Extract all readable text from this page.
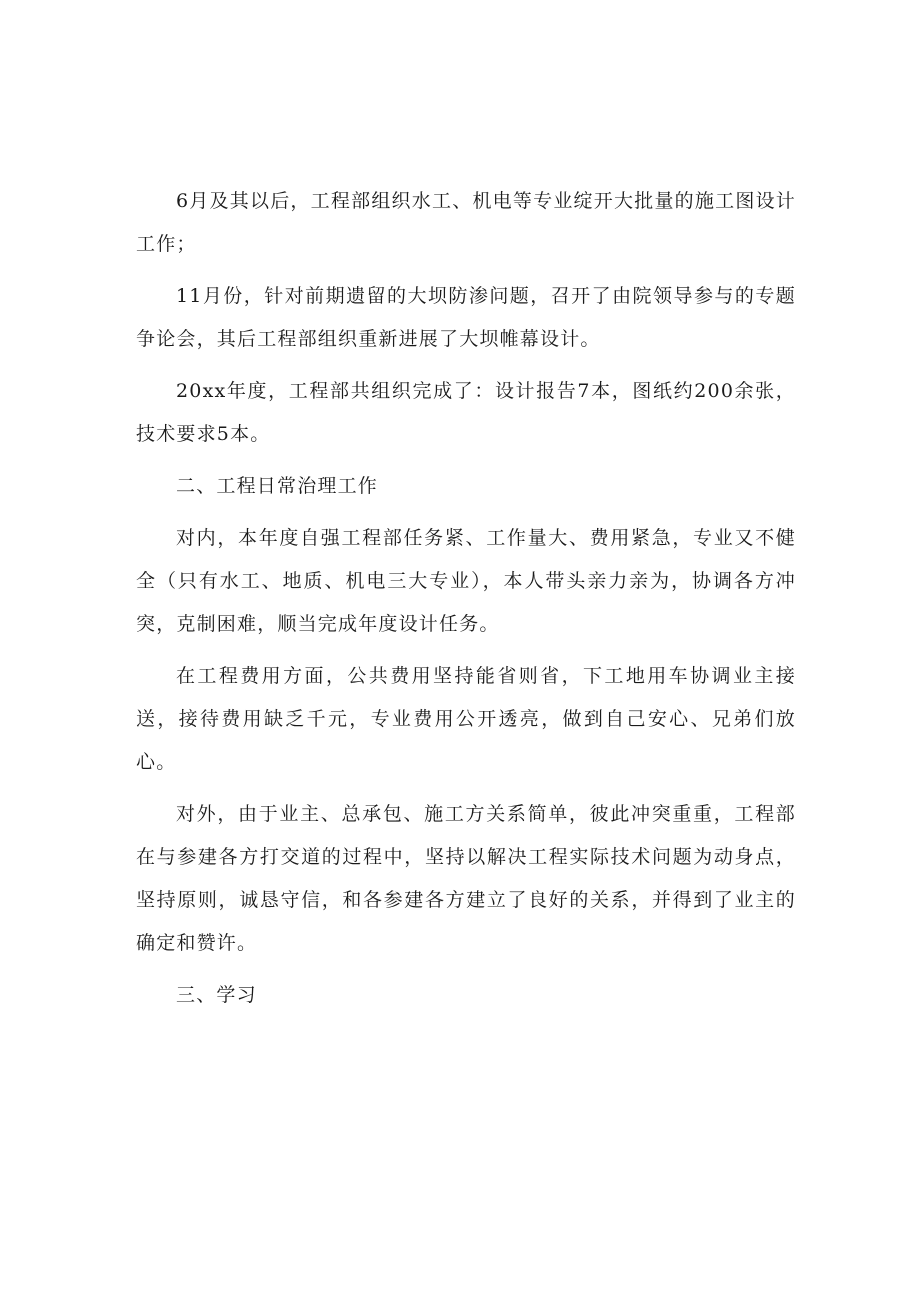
6月及其以后，工程部组织水工、机电等专业绽开大批量的施工图设计工作；

11月份，针对前期遗留的大坝防渗问题，召开了由院领导参与的专题争论会，其后工程部组织重新进展了大坝帷幕设计。

20xx年度，工程部共组织完成了：设计报告7本，图纸约200余张，技术要求5本。

二、工程日常治理工作

对内，本年度自强工程部任务紧、工作量大、费用紧急，专业又不健全（只有水工、地质、机电三大专业），本人带头亲力亲为，协调各方冲突，克制困难，顺当完成年度设计任务。

在工程费用方面，公共费用坚持能省则省，下工地用车协调业主接送，接待费用缺乏千元，专业费用公开透亮，做到自己安心、兄弟们放心。

对外，由于业主、总承包、施工方关系简单，彼此冲突重重，工程部在与参建各方打交道的过程中，坚持以解决工程实际技术问题为动身点，坚持原则，诚恳守信，和各参建各方建立了良好的关系，并得到了业主的确定和赞许。

三、学习
